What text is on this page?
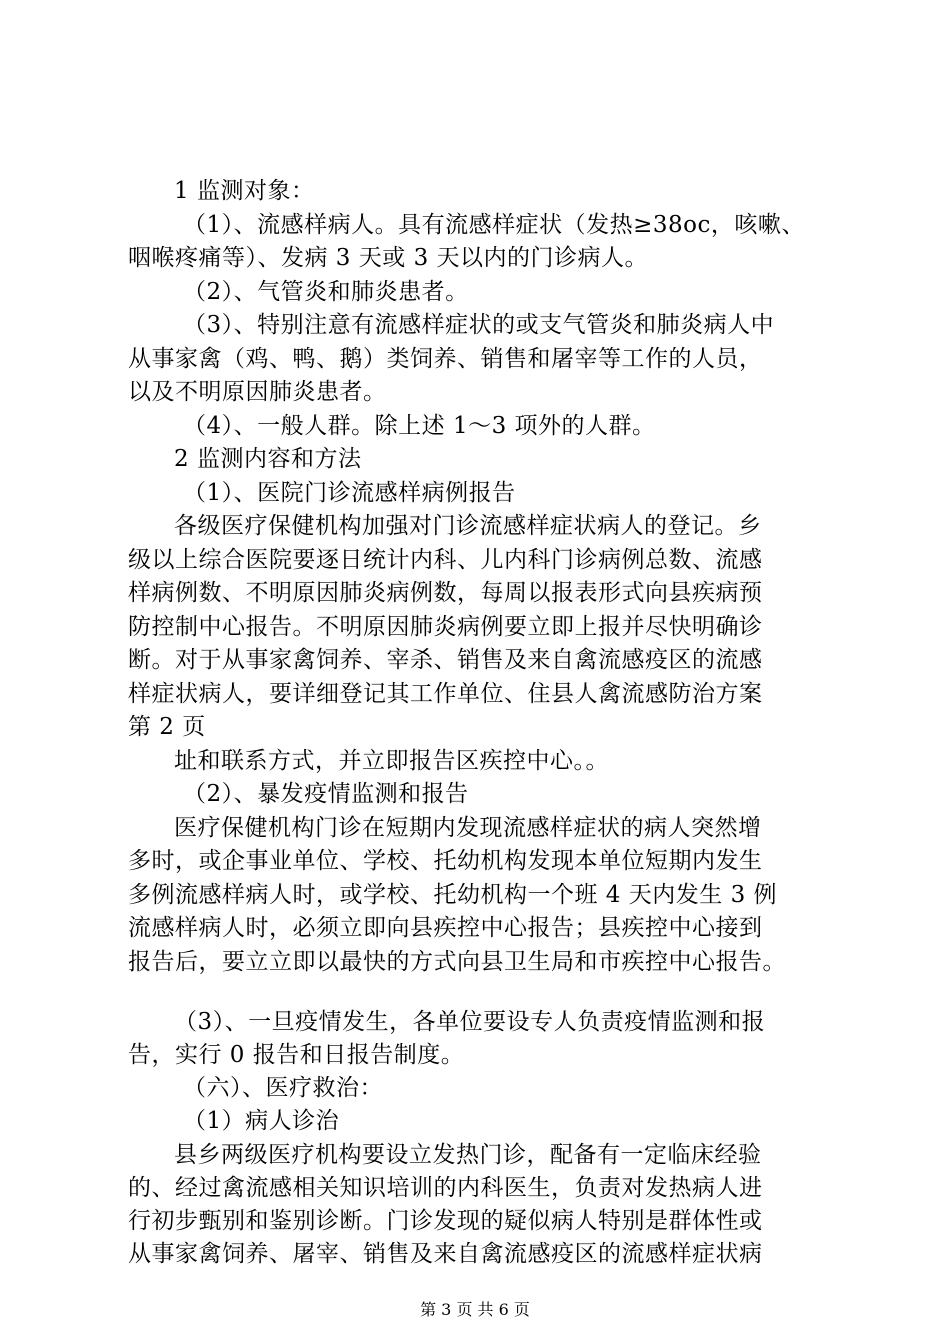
1 监测对象：
（1）、流感样病人。具有流感样症状（发热≥38oc，咳嗽、
咽喉疼痛等）、发病 3 天或 3 天以内的门诊病人。
（2）、气管炎和肺炎患者。
（3）、特别注意有流感样症状的或支气管炎和肺炎病人中
从事家禽（鸡、鸭、鹅）类饲养、销售和屠宰等工作的人员，
以及不明原因肺炎患者。
（4）、一般人群。除上述 1～3 项外的人群。
2 监测内容和方法
（1）、医院门诊流感样病例报告
各级医疗保健机构加强对门诊流感样症状病人的登记。乡
级以上综合医院要逐日统计内科、儿内科门诊病例总数、流感
样病例数、不明原因肺炎病例数，每周以报表形式向县疾病预
防控制中心报告。不明原因肺炎病例要立即上报并尽快明确诊
断。对于从事家禽饲养、宰杀、销售及来自禽流感疫区的流感
样症状病人，要详细登记其工作单位、住县人禽流感防治方案
第 2 页
址和联系方式，并立即报告区疾控中心。。
（2）、暴发疫情监测和报告
医疗保健机构门诊在短期内发现流感样症状的病人突然增
多时，或企事业单位、学校、托幼机构发现本单位短期内发生
多例流感样病人时，或学校、托幼机构一个班 4 天内发生 3 例
流感样病人时，必须立即向县疾控中心报告；县疾控中心接到
报告后，要立立即以最快的方式向县卫生局和市疾控中心报告。
（3）、一旦疫情发生，各单位要设专人负责疫情监测和报
告，实行 0 报告和日报告制度。
（六）、医疗救治：
（1）病人诊治
县乡两级医疗机构要设立发热门诊，配备有一定临床经验
的、经过禽流感相关知识培训的内科医生，负责对发热病人进
行初步甄别和鉴别诊断。门诊发现的疑似病人特别是群体性或
从事家禽饲养、屠宰、销售及来自禽流感疫区的流感样症状病
第 3 页 共 6 页
